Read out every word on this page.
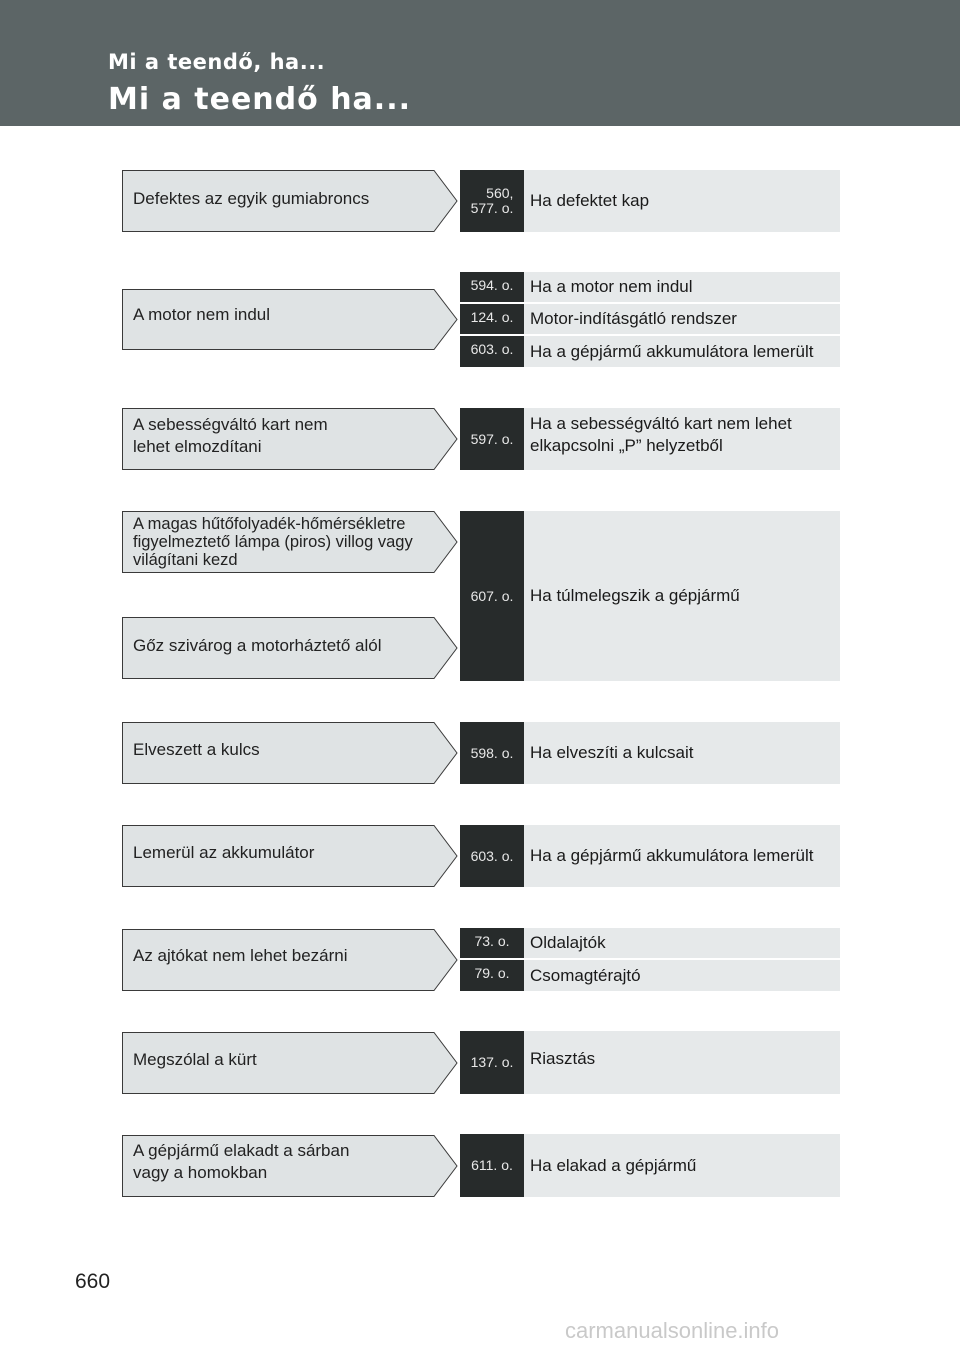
Mi a teendő, ha...
Mi a teendő ha...
Defektes az egyik gumiabroncs	560,
577. o. Ha defektet kap
A motor nem indul
594. o. Ha a motor nem indul
124. o. Motor-indításgátló rendszer
603. o. Ha a gépjármű akkumulátora lemerült
A sebességváltó kart nem
lehet elmozdítani	597. o.
Ha a sebességváltó kart nem lehet
elkapcsolni „P” helyzetből
A magas hűtőfolyadék-hőmérsékletre
figyelmeztető lámpa (piros) villog vagy
világítani kezd
Gőz szivárog a motorháztető alól
607. o. Ha túlmelegszik a gépjármű
Elveszett a kulcs	598. o. Ha elveszíti a kulcsait
Lemerül az akkumulátor	603. o. Ha a gépjármű akkumulátora lemerült
Az ajtókat nem lehet bezárni
73. o.	Oldalajtók
79. o.	Csomagtérajtó
Megszólal a kürt	137. o. Riasztás
A gépjármű elakadt a sárban
vagy a homokban	611. o.	Ha elakad a gépjármű
660
carmanualsonline.info
